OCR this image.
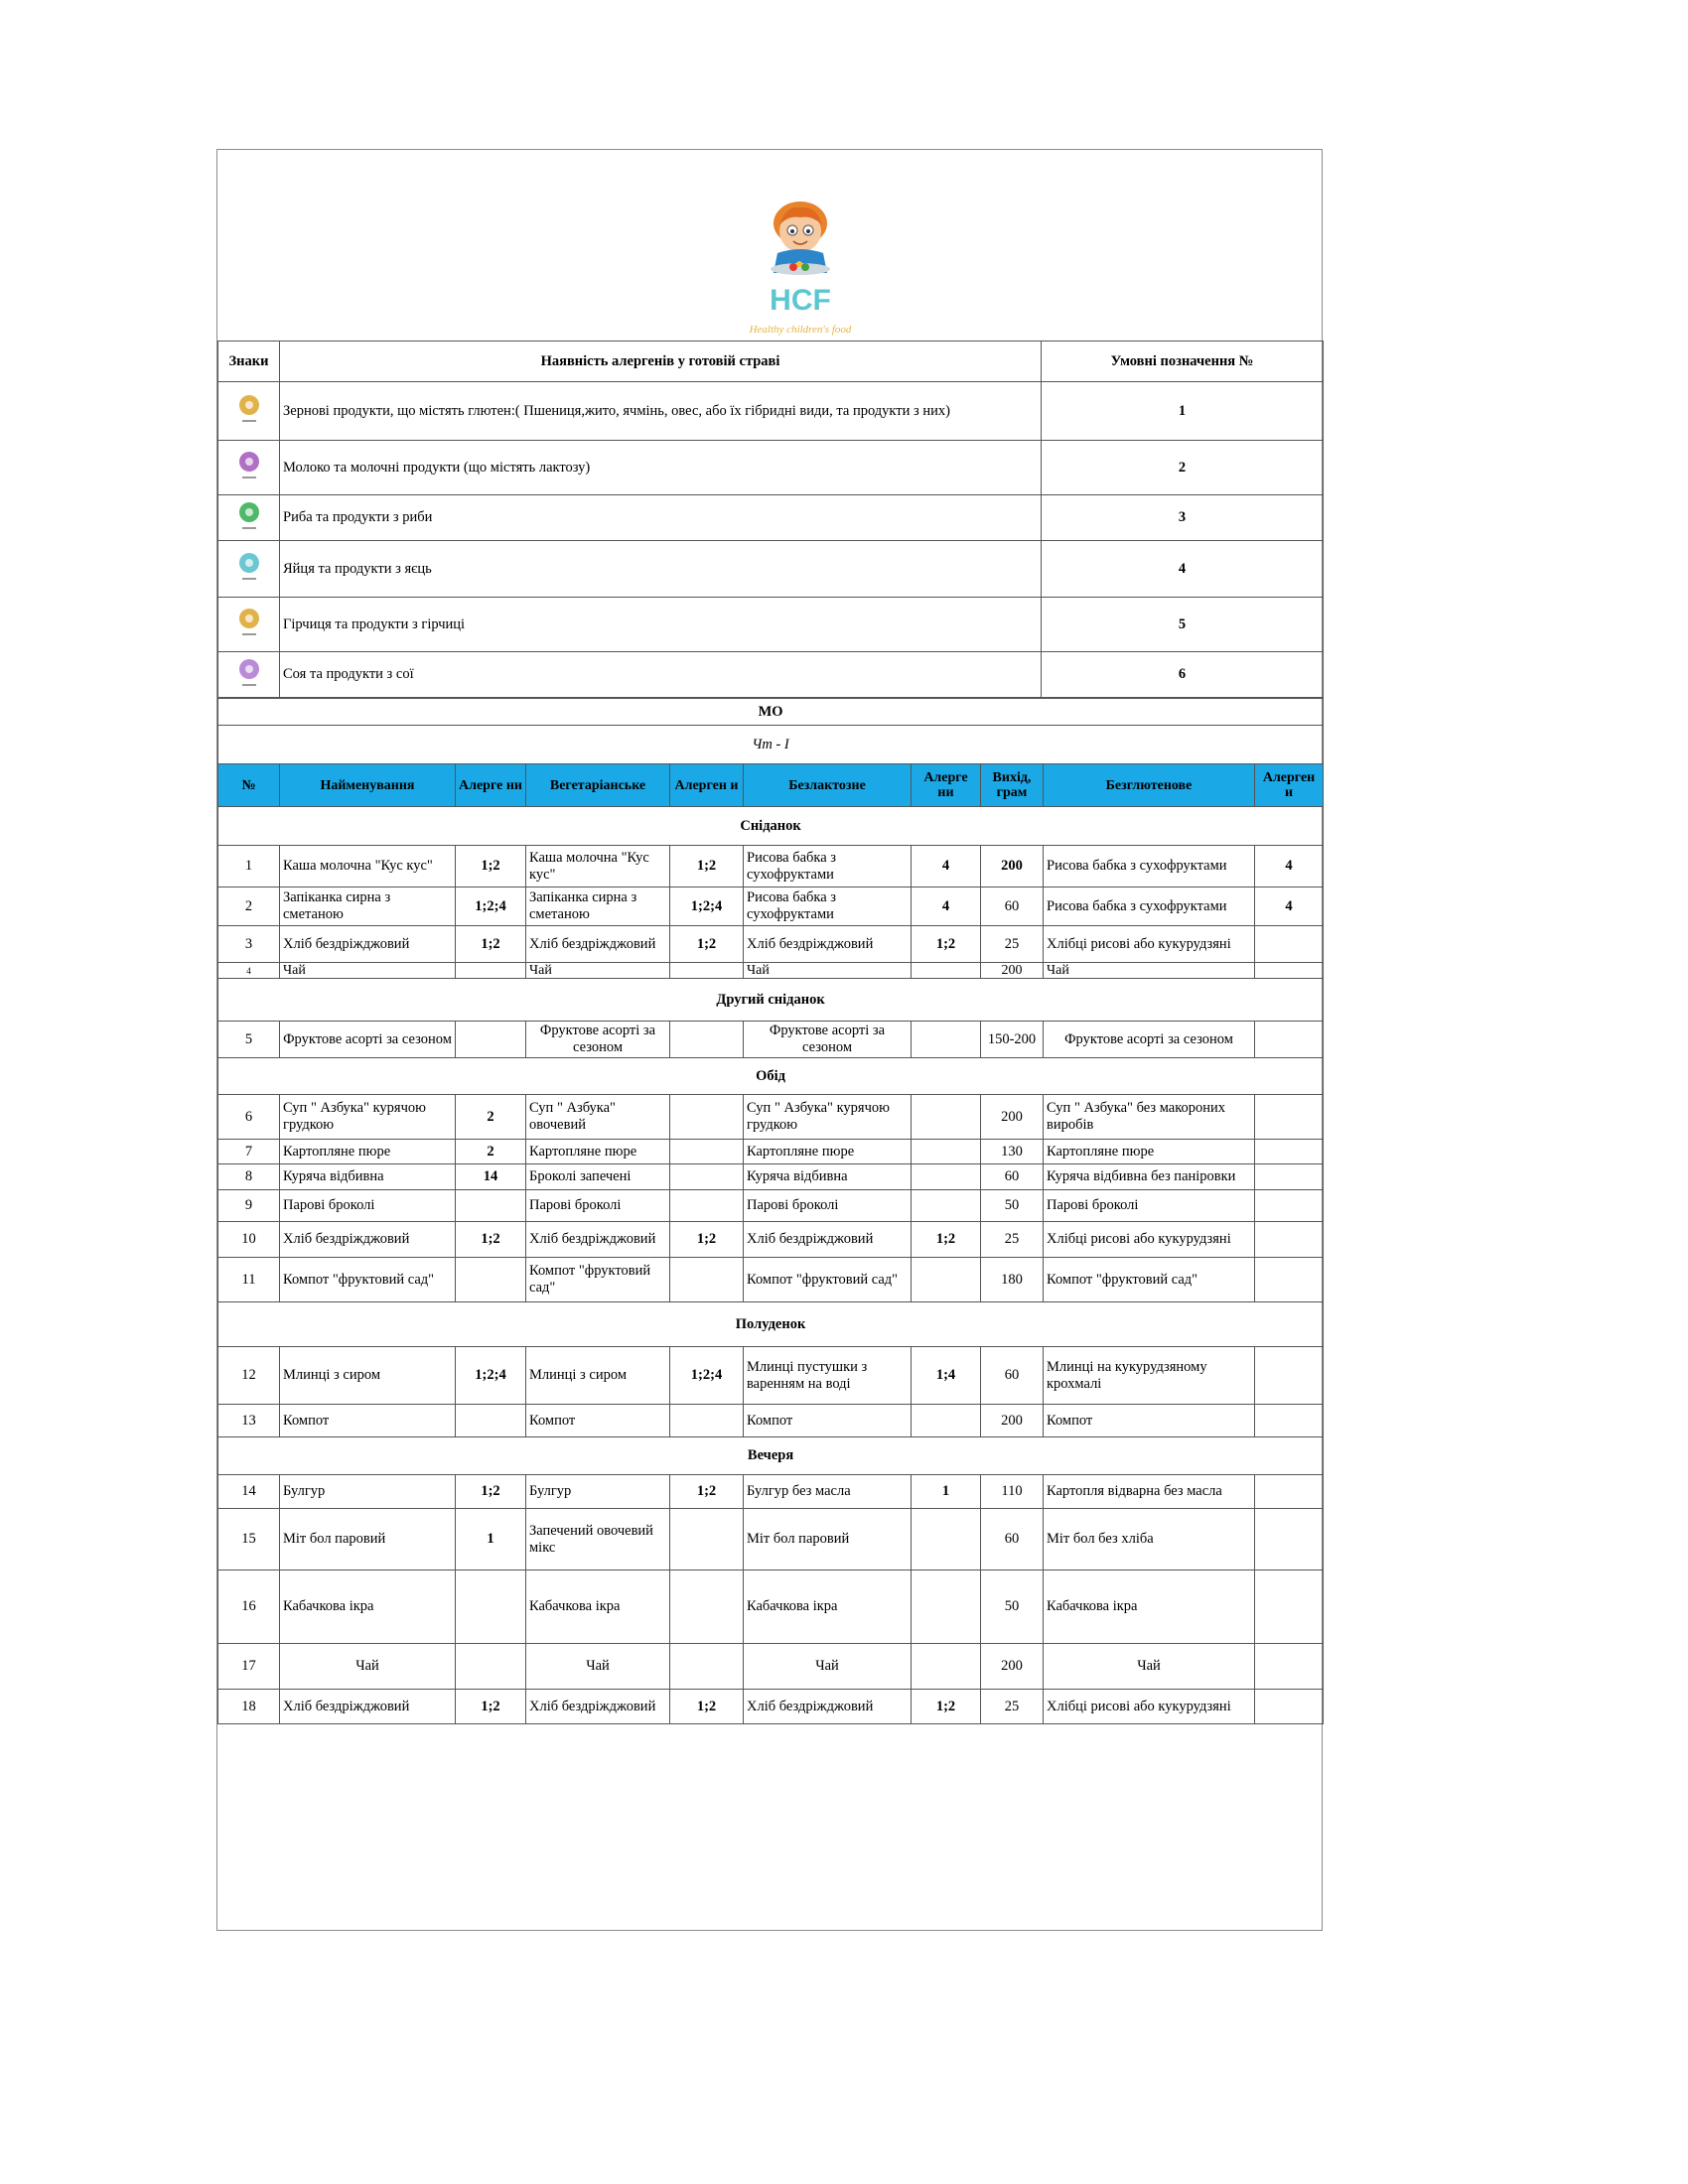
HCF
Healthy children's food
Знаки	Наявність алергенів у готовій страві	Умовні позначення №

	Зернові продукти, що містять глютен:( Пшениця,жито, ячмінь, овес, або їх гібридні види, та продукти з них)	1

	Молоко та молочні продукти (що містять лактозу)	2

	Риба та продукти з риби	3

	Яйця та продукти з яєць	4

	Гірчиця та продукти з гірчиці	5

	Соя та продукти з сої	6
МО									
Чт - І									
№	Найменування	Алерге ни	Вегетаріанське	Алерген и	Безлактозне	Алерге ни	Вихід, грам	Безглютенове	Алерген и
Сніданок									
1	Каша молочна "Кус кус"	1;2	Каша молочна "Кус кус"	1;2	Рисова бабка з сухофруктами	4	200	Рисова бабка з сухофруктами	4
2	Запіканка сирна з сметаною	1;2;4	Запіканка сирна з сметаною	1;2;4	Рисова бабка з сухофруктами	4	60	Рисова бабка з сухофруктами	4
3	Хліб бездріжджовий	1;2	Хліб бездріжджовий	1;2	Хліб бездріжджовий	1;2	25	Хлібці рисові або кукурудзяні	
4	Чай		Чай		Чай		200	Чай	
Другий сніданок									
5	Фруктове асорті за сезоном		Фруктове асорті за сезоном		Фруктове асорті за сезоном		150-200	Фруктове асорті за сезоном	
Обід									
6	Суп " Азбука" курячою грудкою	2	Суп " Азбука" овочевий		Суп " Азбука" курячою грудкою		200	Суп " Азбука" без макороних виробів	
7	Картопляне пюре	2	Картопляне пюре		Картопляне пюре		130	Картопляне пюре	
8	Куряча відбивна	14	Броколі запечені		Куряча відбивна		60	Куряча відбивна без паніровки	
9	Парові броколі		Парові броколі		Парові броколі		50	Парові броколі	
10	Хліб бездріжджовий	1;2	Хліб бездріжджовий	1;2	Хліб бездріжджовий	1;2	25	Хлібці рисові або кукурудзяні	
11	Компот "фруктовий сад"		Компот "фруктовий сад"		Компот "фруктовий сад"		180	Компот "фруктовий сад"	
Полуденок									
12	Млинці з сиром	1;2;4	Млинці з сиром	1;2;4	Млинці пустушки з варенням на воді	1;4	60	Млинці на кукурудзяному крохмалі	
13	Компот		Компот		Компот		200	Компот	
Вечеря									
14	Булгур	1;2	Булгур	1;2	Булгур без масла	1	110	Картопля відварна без масла	
15	Міт бол паровий	1	Запечений овочевий мікс		Міт бол паровий		60	Міт бол без хліба	
16	Кабачкова ікра		Кабачкова ікра		Кабачкова ікра		50	Кабачкова ікра	
17	Чай		Чай		Чай		200	Чай	
18	Хліб бездріжджовий	1;2	Хліб бездріжджовий	1;2	Хліб бездріжджовий	1;2	25	Хлібці рисові або кукурудзяні	
